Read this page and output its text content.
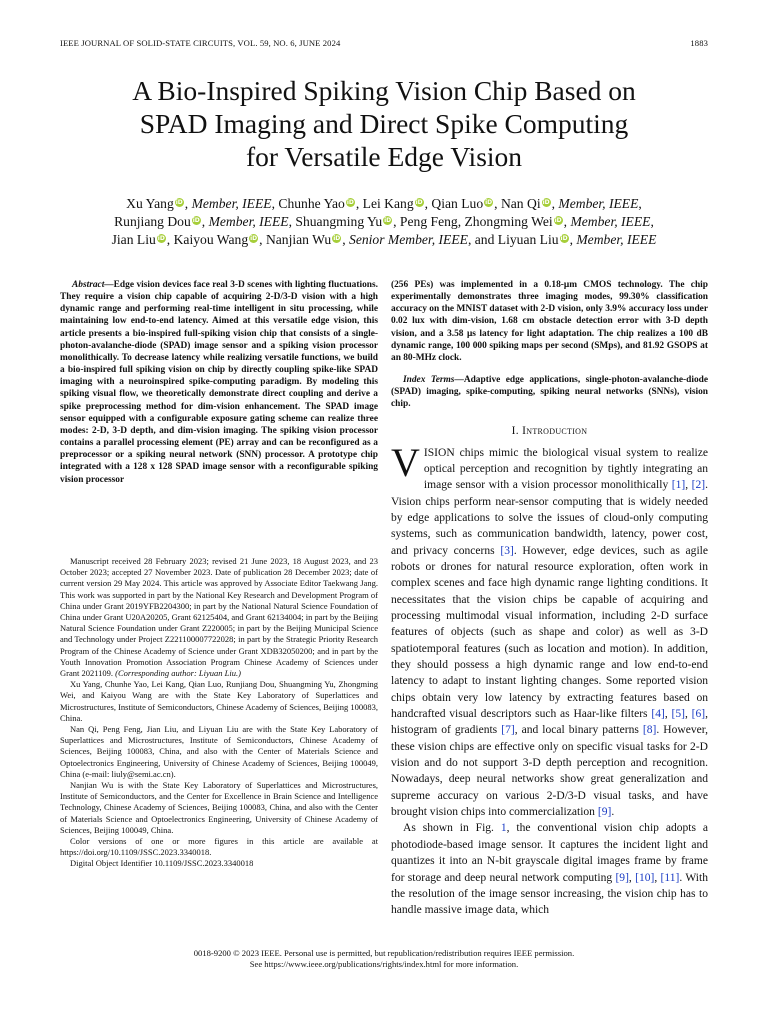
IEEE JOURNAL OF SOLID-STATE CIRCUITS, VOL. 59, NO. 6, JUNE 2024	1883
A Bio-Inspired Spiking Vision Chip Based on
SPAD Imaging and Direct Spike Computing
for Versatile Edge Vision
Xu Yang iD , Member, IEEE, Chunhe Yao iD , Lei Kang iD , Qian Luo iD , Nan Qi iD , Member, IEEE,
Runjiang Dou iD , Member, IEEE, Shuangming Yu iD , Peng Feng, Zhongming Wei iD , Member, IEEE,
Jian Liu iD , Kaiyou Wang iD , Nanjian Wu iD , Senior Member, IEEE, and Liyuan Liu iD , Member, IEEE

Abstract—Edge vision devices face real 3-D scenes with lighting fluctuations. They require a vision chip capable of acquiring 2-D/3-D vision with a high dynamic range and performing real-time intelligent in situ processing, while maintaining low end-to-end latency. Aimed at this versatile edge vision, this article presents a bio-inspired full-spiking vision chip that consists of a single-photon-avalanche-diode (SPAD) image sensor and a spiking vision processor monolithically. To decrease latency while realizing versatile functions, we build a bio-inspired full spiking vision on chip by directly coupling spike-like SPAD imaging with a neuroinspired spike-computing paradigm. By modeling this spiking visual flow, we theoretically demonstrate direct coupling and derive a spike preprocessing method for dim-vision enhancement. The SPAD image sensor equipped with a configurable exposure gating scheme can realize three modes: 2-D, 3-D depth, and dim-vision imaging. The spiking vision processor contains a parallel processing element (PE) array and can be reconfigured as a preprocessor or a spiking neural network (SNN) processor. A prototype chip integrated with a 128 x 128 SPAD image sensor with a reconfigurable spiking vision processor

Manuscript received 28 February 2023; revised 21 June 2023, 18 August 2023, and 23 October 2023; accepted 27 November 2023. Date of publication 28 December 2023; date of current version 29 May 2024. This article was approved by Associate Editor Taekwang Jang. This work was supported in part by the National Key Research and Development Program of China under Grant 2019YFB2204300; in part by the National Natural Science Foundation of China under Grant U20A20205, Grant 62125404, and Grant 62134004; in part by the Beijing Natural Science Foundation under Grant Z220005; in part by the Beijing Municipal Science and Technology under Project Z221100007722028; in part by the Strategic Priority Research Program of the Chinese Academy of Science under Grant XDB32050200; and in part by the Youth Innovation Promotion Association Program Chinese Academy of Sciences under Grant 2021109. (Corresponding author: Liyuan Liu.)

Xu Yang, Chunhe Yao, Lei Kang, Qian Luo, Runjiang Dou, Shuangming Yu, Zhongming Wei, and Kaiyou Wang are with the State Key Laboratory of Superlattices and Microstructures, Institute of Semiconductors, Chinese Academy of Sciences, Beijing 100083, China.

Nan Qi, Peng Feng, Jian Liu, and Liyuan Liu are with the State Key Laboratory of Superlattices and Microstructures, Institute of Semiconductors, Chinese Academy of Sciences, Beijing 100083, China, and also with the Center of Materials Science and Optoelectronics Engineering, University of Chinese Academy of Sciences, Beijing 100049, China (e-mail: liuly@semi.ac.cn).

Nanjian Wu is with the State Key Laboratory of Superlattices and Microstructures, Institute of Semiconductors, and the Center for Excellence in Brain Science and Intelligence Technology, Chinese Academy of Sciences, Beijing 100083, China, and also with the Center of Materials Science and Optoelectronics Engineering, University of Chinese Academy of Sciences, Beijing 100049, China.

Color versions of one or more figures in this article are available at https://doi.org/10.1109/JSSC.2023.3340018.

Digital Object Identifier 10.1109/JSSC.2023.3340018

(256 PEs) was implemented in a 0.18-μm CMOS technology. The chip experimentally demonstrates three imaging modes, 99.30% classification accuracy on the MNIST dataset with 2-D vision, only 3.9% accuracy loss under 0.02 lux with dim-vision, 1.68 cm obstacle detection error with 3-D depth vision, and a 3.58 μs latency for light adaptation. The chip realizes a 100 dB dynamic range, 100 000 spiking maps per second (SMps), and 81.92 GSOPS at an 80-MHz clock.

Index Terms—Adaptive edge applications, single-photon-avalanche-diode (SPAD) imaging, spike-computing, spiking neural networks (SNNs), vision chip.

I. Introduction

VISION chips mimic the biological visual system to realize optical perception and recognition by tightly integrating an image sensor with a vision processor monolithically [1], [2]. Vision chips perform near-sensor computing that is widely needed by edge applications to solve the issues of cloud-only computing systems, such as communication bandwidth, latency, power cost, and privacy concerns [3]. However, edge devices, such as agile robots or drones for natural resource exploration, often work in complex scenes and face high dynamic range lighting conditions. It necessitates that the vision chips be capable of acquiring and processing multimodal visual information, including 2-D surface features of objects (such as shape and color) as well as 3-D spatiotemporal features (such as location and motion). In addition, they should possess a high dynamic range and low end-to-end latency to adapt to instant lighting changes. Some reported vision chips obtain very low latency by extracting features based on handcrafted visual descriptors such as Haar-like filters [4], [5], [6], histogram of gradients [7], and local binary patterns [8]. However, these vision chips are effective only on specific visual tasks for 2-D vision and do not support 3-D depth perception and recognition. Nowadays, deep neural networks show great generalization and supreme accuracy on various 2-D/3-D visual tasks, and have brought vision chips into commercialization [9].

As shown in Fig. 1, the conventional vision chip adopts a photodiode-based image sensor. It captures the incident light and quantizes it into an N-bit grayscale digital images frame by frame for storage and deep neural network computing [9], [10], [11]. With the resolution of the image sensor increasing, the vision chip has to handle massive image data, which

0018-9200 © 2023 IEEE. Personal use is permitted, but republication/redistribution requires IEEE permission.
See https://www.ieee.org/publications/rights/index.html for more information.
